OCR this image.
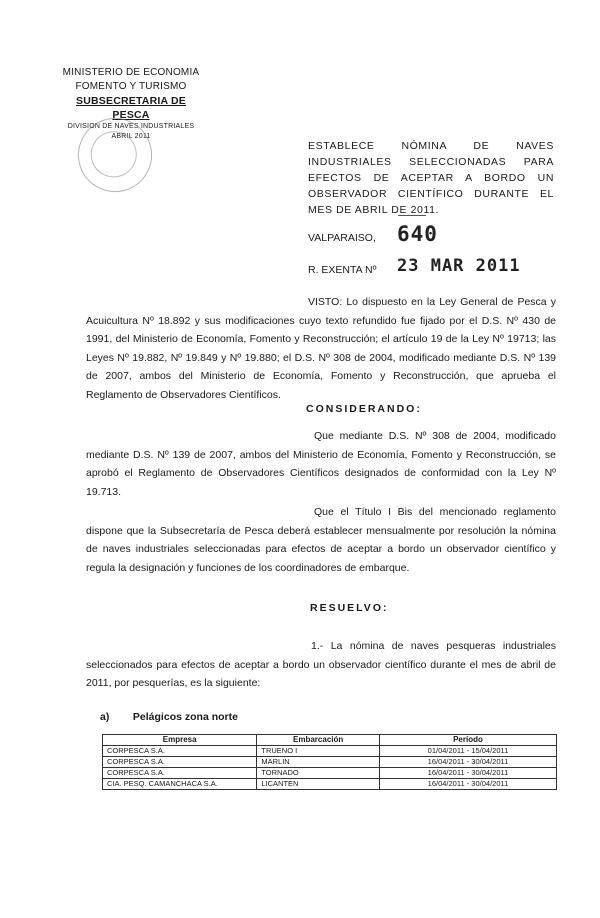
MINISTERIO DE ECONOMIA
FOMENTO Y TURISMO
SUBSECRETARIA DE PESCA
DIVISION DE NAVES INDUSTRIALES
ABRIL 2011
ESTABLECE NÓMINA DE NAVES INDUSTRIALES SELECCIONADAS PARA EFECTOS DE ACEPTAR A BORDO UN OBSERVADOR CIENTÍFICO DURANTE EL MES DE ABRIL DE 2011.
VALPARAISO, 640
R. EXENTA Nº 23 MAR 2011
VISTO: Lo dispuesto en la Ley General de Pesca y Acuicultura Nº 18.892 y sus modificaciones cuyo texto refundido fue fijado por el D.S. Nº 430 de 1991, del Ministerio de Economía, Fomento y Reconstrucción; el artículo 19 de la Ley Nº 19713; las Leyes Nº 19.882, Nº 19.849 y Nº 19.880; el D.S. Nº 308 de 2004, modificado mediante D.S. Nº 139 de 2007, ambos del Ministerio de Economía, Fomento y Reconstrucción, que aprueba el Reglamento de Observadores Científicos.
CONSIDERANDO:
Que mediante D.S. Nº 308 de 2004, modificado mediante D.S. Nº 139 de 2007, ambos del Ministerio de Economía, Fomento y Reconstrucción, se aprobó el Reglamento de Observadores Científicos designados de conformidad con la Ley Nº 19.713.
Que el Título I Bis del mencionado reglamento dispone que la Subsecretaría de Pesca deberá establecer mensualmente por resolución la nómina de naves industriales seleccionadas para efectos de aceptar a bordo un observador científico y regula la designación y funciones de los coordinadores de embarque.
RESUELVO:
1.- La nómina de naves pesqueras industriales seleccionados para efectos de aceptar a bordo un observador científico durante el mes de abril de 2011, por pesquerías, es la siguiente:
a) Pelágicos zona norte
Empresa	Embarcación	Período
CORPESCA S.A.	TRUENO I	01/04/2011 - 15/04/2011
CORPESCA S.A.	MARLIN	16/04/2011 - 30/04/2011
CORPESCA S.A.	TORNADO	16/04/2011 - 30/04/2011
CIA. PESQ. CAMANCHACA S.A.	LICANTEN	16/04/2011 - 30/04/2011
